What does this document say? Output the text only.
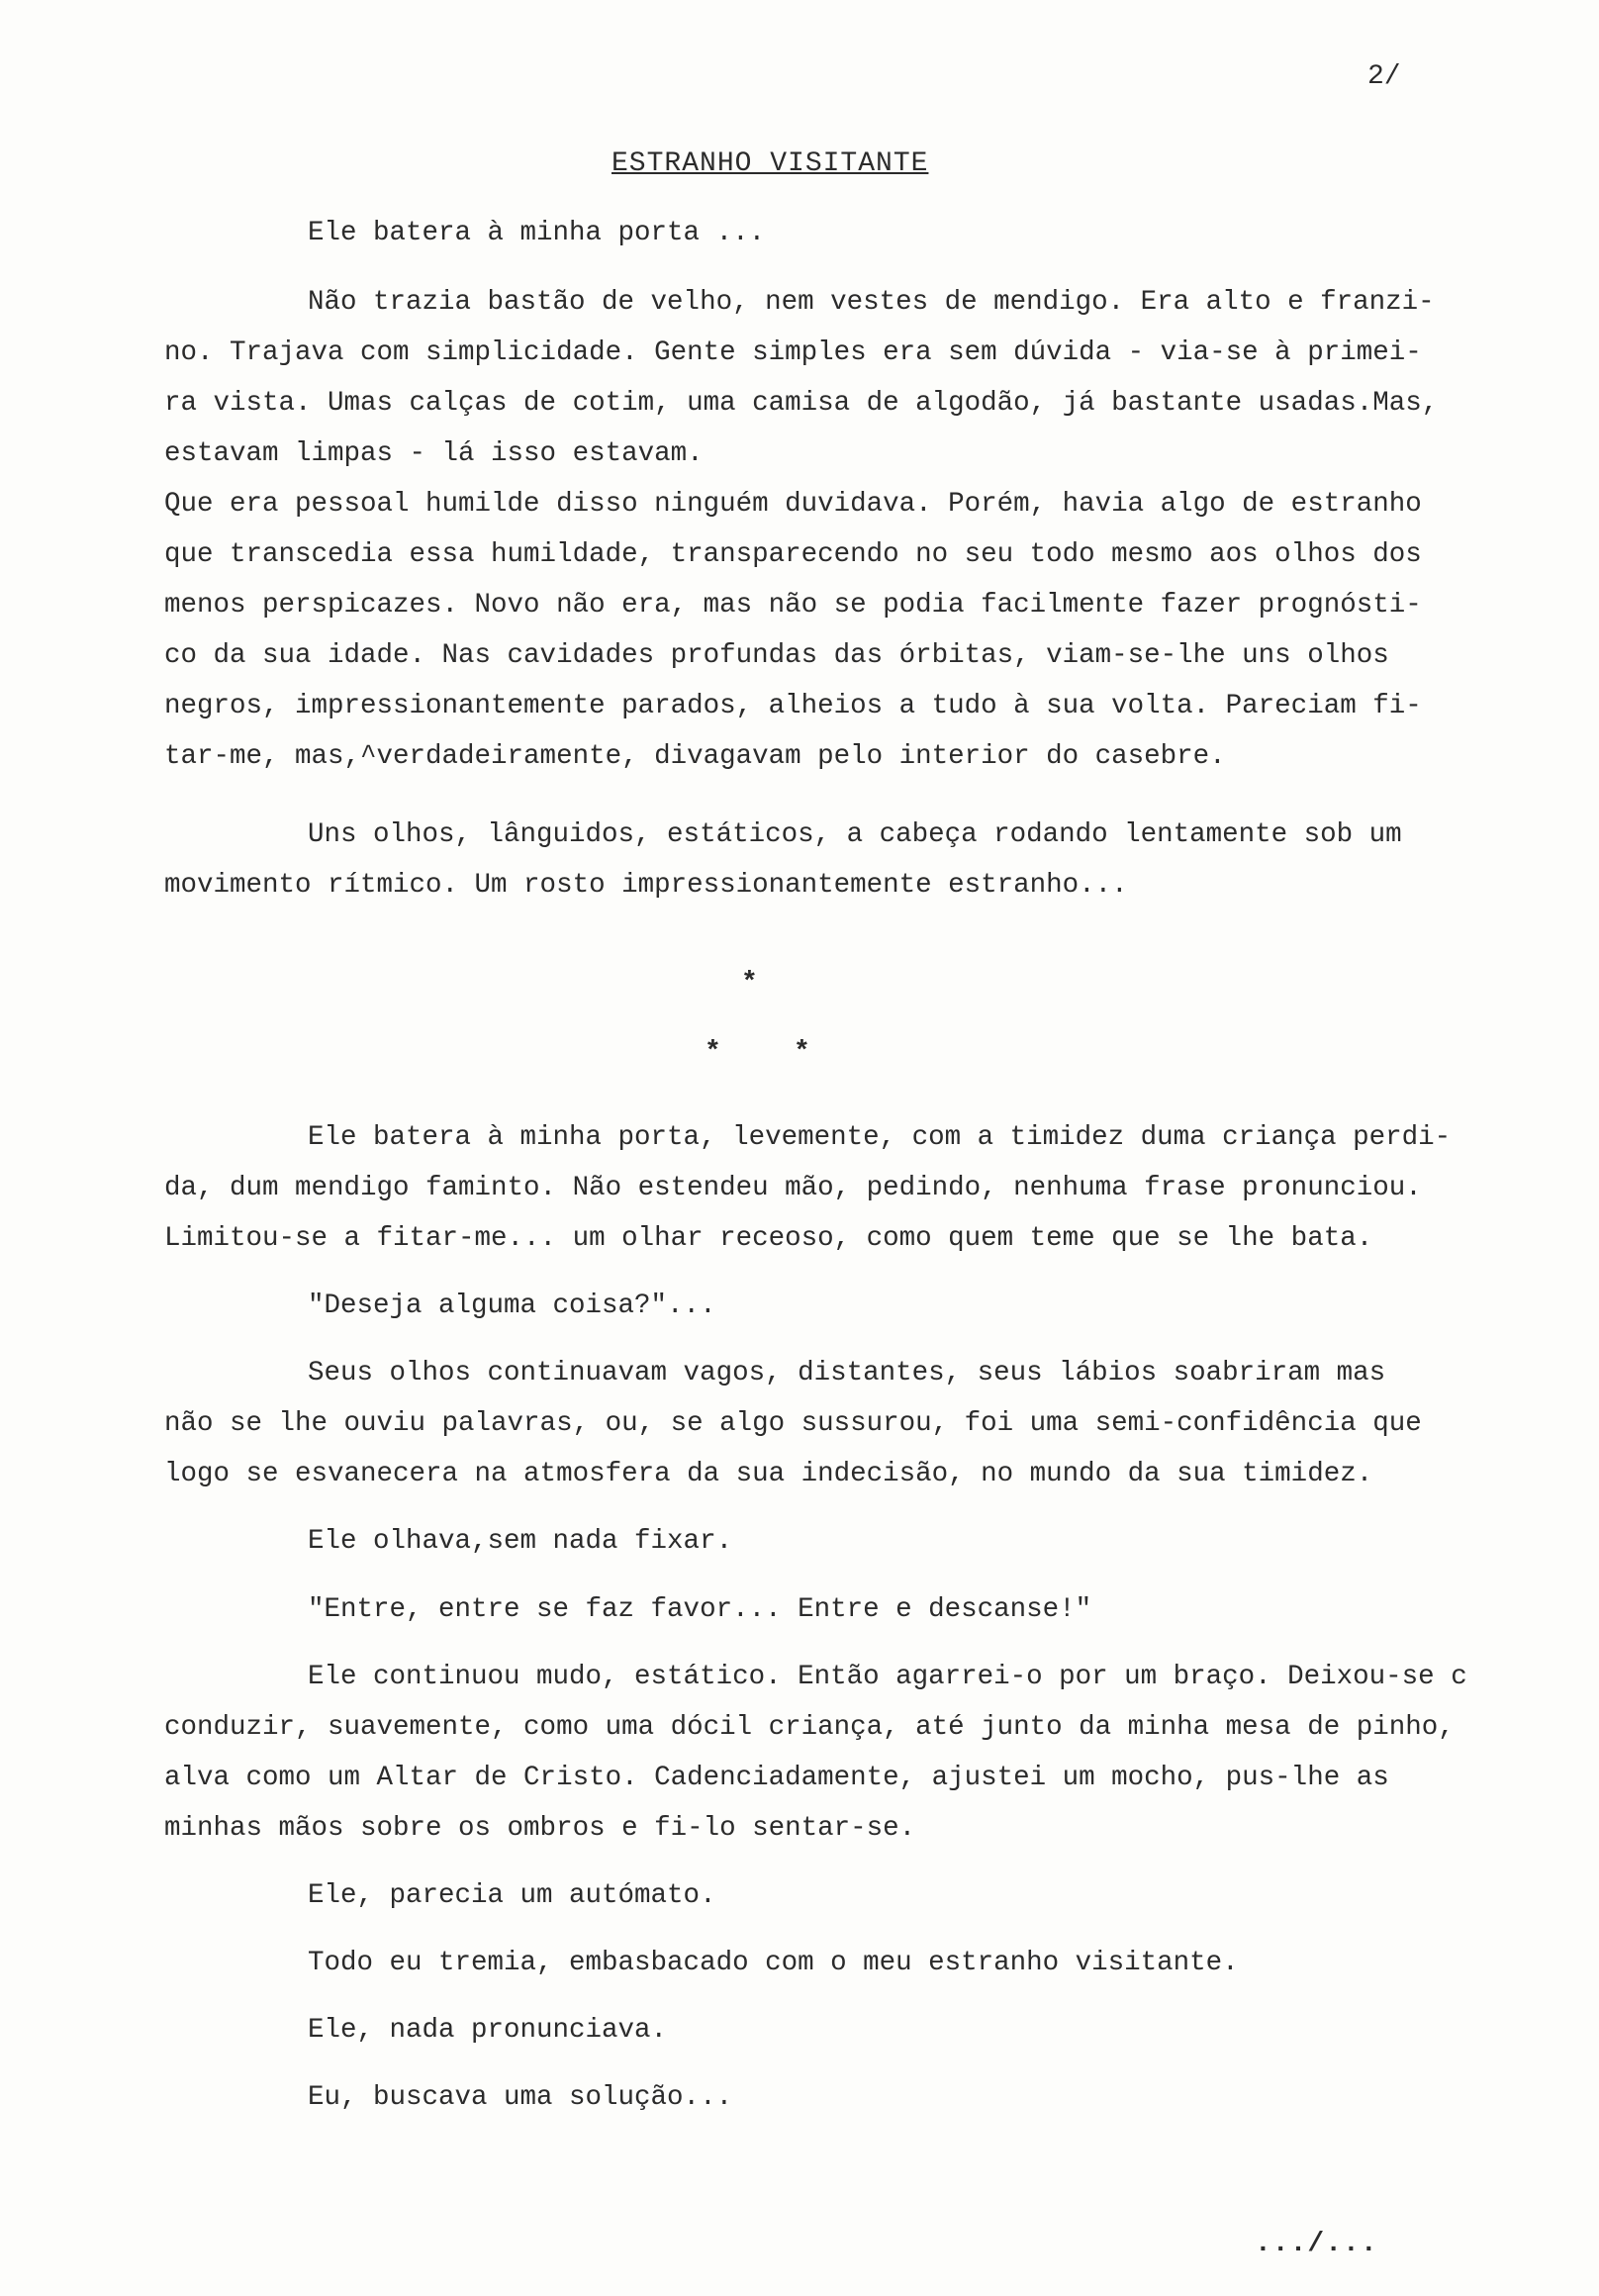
2/
ESTRANHO VISITANTE
Ele batera à minha porta ...
Não trazia bastão de velho, nem vestes de mendigo. Era alto e franzi-
no. Trajava com simplicidade. Gente simples era sem dúvida - via-se à primei-
ra vista. Umas calças de cotim, uma camisa de algodão, já bastante usadas.Mas,
estavam limpas - lá isso estavam.
Que era pessoal humilde disso ninguém duvidava. Porém, havia algo de estranho
que transcedia essa humildade, transparecendo no seu todo mesmo aos olhos dos
menos perspicazes. Novo não era, mas não se podia facilmente fazer prognósti-
co da sua idade. Nas cavidades profundas das órbitas, viam-se-lhe uns olhos
negros, impressionantemente parados, alheios a tudo à sua volta. Pareciam fi-
tar-me, mas,^verdadeiramente, divagavam pelo interior do casebre.
Uns olhos, lânguidos, estáticos, a cabeça rodando lentamente sob um
movimento rítmico. Um rosto impressionantemente estranho...
*
*	*
Ele batera à minha porta, levemente, com a timidez duma criança perdi-
da, dum mendigo faminto. Não estendeu mão, pedindo, nenhuma frase pronunciou.
Limitou-se a fitar-me... um olhar receoso, como quem teme que se lhe bata.
"Deseja alguma coisa?"...
Seus olhos continuavam vagos, distantes, seus lábios soabriram mas
não se lhe ouviu palavras, ou, se algo sussurou, foi uma semi-confidência que
logo se esvanecera na atmosfera da sua indecisão, no mundo da sua timidez.
Ele olhava,sem nada fixar.
"Entre, entre se faz favor... Entre e descanse!"
Ele continuou mudo, estático. Então agarrei-o por um braço. Deixou-se c
conduzir, suavemente, como uma dócil criança, até junto da minha mesa de pinho,
alva como um Altar de Cristo. Cadenciadamente, ajustei um mocho, pus-lhe as
minhas mãos sobre os ombros e fi-lo sentar-se.
Ele, parecia um autómato.
Todo eu tremia, embasbacado com o meu estranho visitante.
Ele, nada pronunciava.
Eu, buscava uma solução...
.../...
